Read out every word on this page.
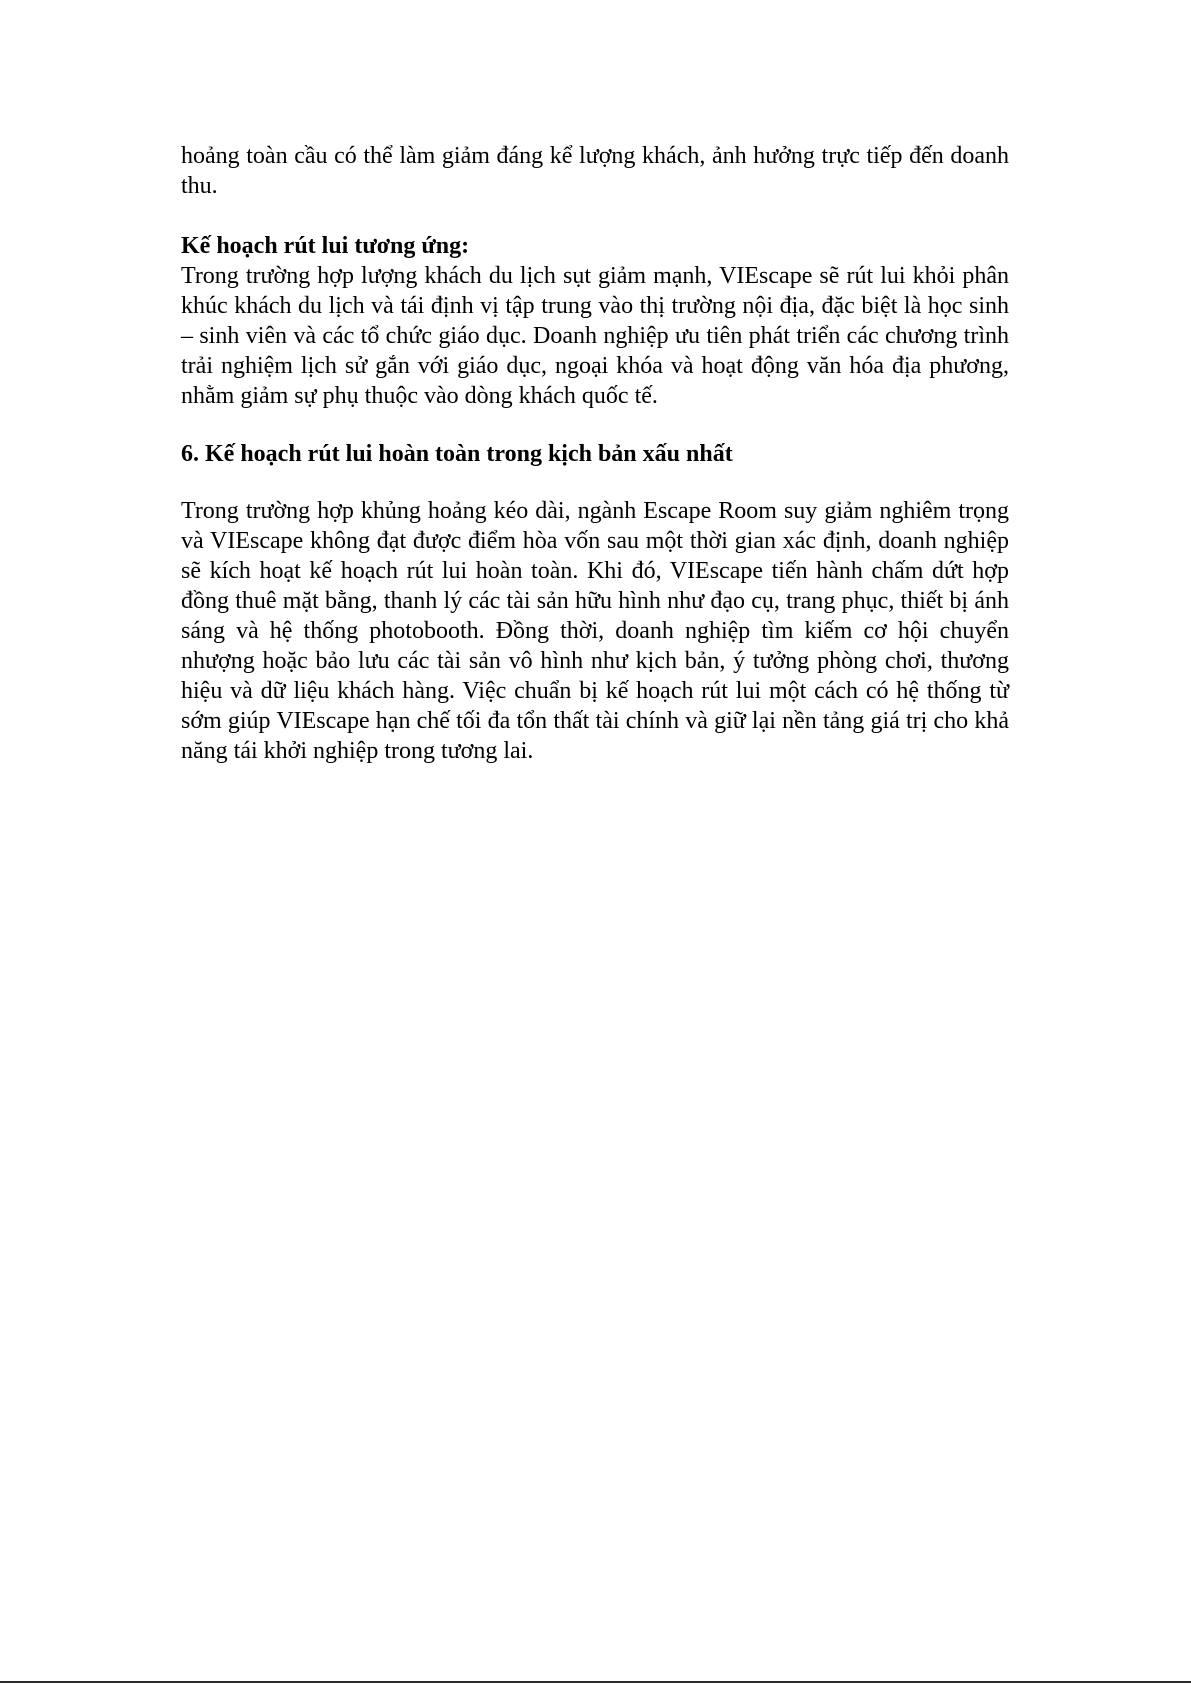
hoảng toàn cầu có thể làm giảm đáng kể lượng khách, ảnh hưởng trực tiếp đến doanh thu.

Kế hoạch rút lui tương ứng:

Trong trường hợp lượng khách du lịch sụt giảm mạnh, VIEscape sẽ rút lui khỏi phân khúc khách du lịch và tái định vị tập trung vào thị trường nội địa, đặc biệt là học sinh – sinh viên và các tổ chức giáo dục. Doanh nghiệp ưu tiên phát triển các chương trình trải nghiệm lịch sử gắn với giáo dục, ngoại khóa và hoạt động văn hóa địa phương, nhằm giảm sự phụ thuộc vào dòng khách quốc tế.

6. Kế hoạch rút lui hoàn toàn trong kịch bản xấu nhất

Trong trường hợp khủng hoảng kéo dài, ngành Escape Room suy giảm nghiêm trọng và VIEscape không đạt được điểm hòa vốn sau một thời gian xác định, doanh nghiệp sẽ kích hoạt kế hoạch rút lui hoàn toàn. Khi đó, VIEscape tiến hành chấm dứt hợp đồng thuê mặt bằng, thanh lý các tài sản hữu hình như đạo cụ, trang phục, thiết bị ánh sáng và hệ thống photobooth. Đồng thời, doanh nghiệp tìm kiếm cơ hội chuyển nhượng hoặc bảo lưu các tài sản vô hình như kịch bản, ý tưởng phòng chơi, thương hiệu và dữ liệu khách hàng. Việc chuẩn bị kế hoạch rút lui một cách có hệ thống từ sớm giúp VIEscape hạn chế tối đa tổn thất tài chính và giữ lại nền tảng giá trị cho khả năng tái khởi nghiệp trong tương lai.
